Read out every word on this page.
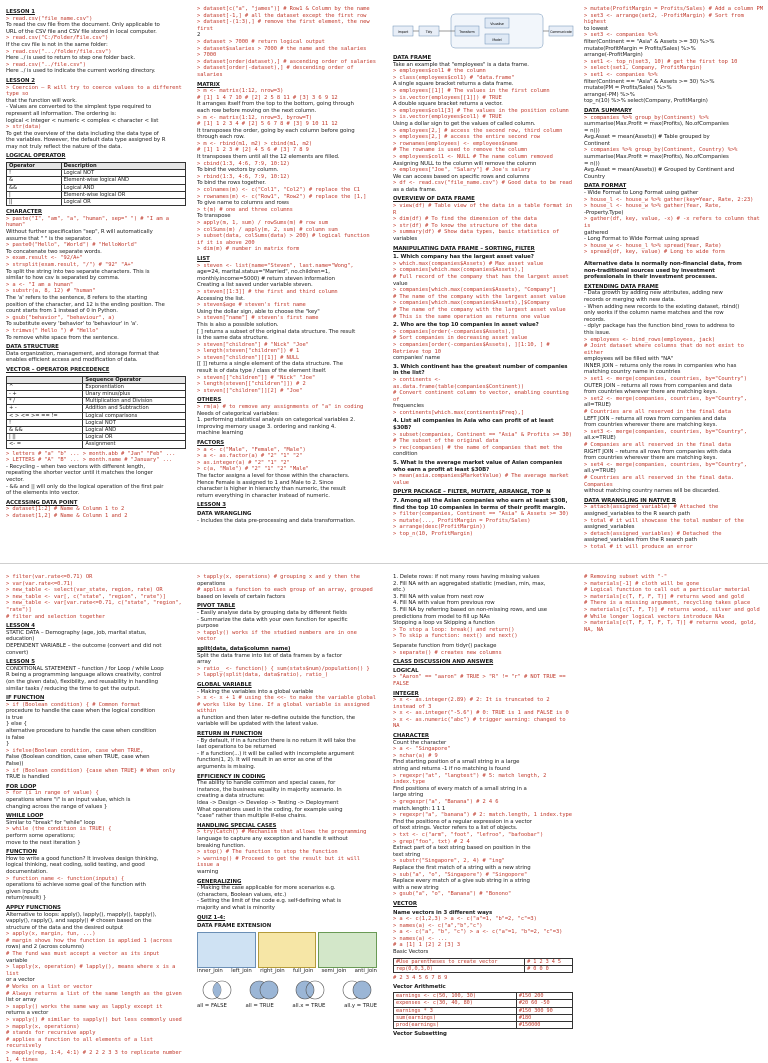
LESSON 1
> read.csv("file_name.csv")
To read the csv file from the document. Only applicable to
URL of the CSV file and CSV file stored in local computer.
> read.csv("C:/Folder/File.csv")
If the csv file is not in the same folder:
> read.csv(".../folder/file.csv")
Here ../ is used to return to step one folder back.
> read.csv("../file.csv")
Here ../ is used to indicate the current working directory.
LESSON 2
> Coercion – R will try to coerce values to a different type so
that the function will work.
- Values are converted to the simplest type required to
represent all information. The ordering is:
logical < integer < numeric < complex < character < list
> str(data)
To get the overview of the data including the data type of
the variables. However, the default data type assigned by R
may not truly reflect the nature of the data.
LOGICAL OPERATOR
Operator	Description
!	Logical NOT
&	Element-wise logical AND
&&	Logical AND
|	Element-wise logical OR
||	Logical OR
CHARACTER
> paste("I", "am", "a", "human", sep=" ") # "I am a human"
Without further specification "sep", R will automatically
assume that " " is the separator.
> paste0("Hello", "World") # "HelloWorld"
To concatenate two separate words.
> exam.result <- "92/A+"
> strsplit(exam.result, "/") # "92" "A+"
To split the string into two separate characters. This is
similar to how csv is separated by comma.
> a <- "I am a human"
> substr(a, 8, 12) # "human"
The 'a' refers to the sentence, 8 refers to the starting
position of the character, and 12 is the ending position. The
count starts from 1 instead of 0 in Python.
> gsub("behavior", "behaviour", a)
To substitute every 'behavior' to 'behaviour' in 'a'.
> trimws(" Hello ") # "Hello"
To remove white space from the sentence.
DATA STRUCTURE
Data organization, management, and storage format that
enables efficient access and modification of data.
VECTOR – OPERATOR PRECEDENCE
	Sequence Operator
^	Exponentiation
- +	Unary minus/plus
* /	Multiplication and Division
+ -	Addition and Subtraction
< > <= >= == !=	Logical comparisons
!	Logical NOT
& &&	Logical AND
| ||	Logical OR
<- =	Assignment
> letters # "a" "b" ... > month.abb # "Jan" "Feb" ...
> LETTERS # "A" "B" ... > month.name # "January" ...
- Recycling – when two vectors with different length,
repeating the shorter vector until it matches the longer
vector.
- && and || will only do the logical operation of the first pair
of the elements into vector.
ACCESSING DATA POINT
> dataset[1:2] # Name & Column 1 to 2
> dataset[1,2] # Name & Column 1 and 2
> dataset[c("a", "james")] # Row1 & Column by the name
> dataset[-1,] # all the dataset except the first row
> dataset[-(1:3),] # remove the first element, the new first
2
> dataset > 7000 # return logical output
> dataset$salaries > 7000 # the name and the salaries
> 7000
> dataset[order(dataset),] # ascending order of salaries
> dataset[order(-dataset),] # descending order of salaries
MATRIX
> m <- matrix(1:12, nrow=3)
# [1] 1 4 7 10 # [2] 2 5 8 11 # [3] 3 6 9 12
It arranges itself from the top to the bottom, going through
each row before moving on the next column.
> m <- matrix(1:12, nrow=3, byrow=T)
# [1] 1 2 3 4 # [2] 5 6 7 8 # [3] 9 10 11 12
It transposes the order, going by each column before going
through each row.
> m <- rbind(m1, m2) > cbind(m1, m2)
# [1] 1 2 3 # [2] 4 5 6 # [3] 7 8 9
It transposes them until all the 12 elements are filled.
> cbind(1:3, 4:6, 7:9, 10:12)
To bind the vectors by column.
> rbind(1:3, 4:6, 7:9, 10:12)
To bind the rows together.
> colnames(m) <- c("Col1", "Col2") # replace the C1
> rownames(m) <- c("Row1", "Row2") # replace the [1,]
To give name to columns and rows
> t(m) # one and three columns
To transpose
> apply(m, 1, sum) / rowSums(m) # row sum
> colSums(m) / apply(m, 2, sum) # column sum
> subset(data, colSums(data) > 200) # logical function if it is above 200
> dim(m) # number in matrix form
LIST
> steven <- list(name="Steven", last.name="Wong",
age=24, marital.status="Married", no.children=1,
monthly.income=5000) # return steven information
Creating a list saved under variable steven.
> steven[[1:3]] # the first and third column
Accessing the list.
> steven$age # steven's first name
Using the dollar sign, able to choose the "key"
> steven["name"] # steven's first name
This is also a possible solution.
[ ] returns a subset of the original data structure. The result
is the same data structure.
> steven["children"] # "Nick" "Joe"
> length(steven["children"]) # 1
> steven["children"][[1]] # NULL
[[ ]] returns a single element of the data structure. The
result is of data type / class of the element itself.
> steven[["children"]] # "Nick" "Joe"
> length(steven[["children"]]) # 2
> steven[["children"]][2] # "Joe"
OTHERS
> rm(a) # to remove any assignments of "a" in coding
Needs of categorical variables:
1. performing statistical analysis on categorical variables 2.
improving memory usage 3. ordering and ranking 4.
machine learning
FACTORS
> a <- c("Male", "Female", "Male")
> a <- as.factor(a) # "2" "1" "2"
> as.integer(a) # "2" "1" "2"
> c(a, "Male") # "2" "1" "2" "Male"
The factor assigns a level for those within the characters.
Hence Female is assigned to 1 and Male to 2. Since
character is higher in hierarchy than numeric, the result
return everything in character instead of numeric.
LESSON 3
DATA WRANGLING
- Includes the data pre-processing and data transformation.
Import	Tidy	Transform
Visualise
Model
Communicate
DATA FRAME
Take an example that "employees" is a data frame.
> employees$col1 # the column
> class(employees$col1) # "data.frame"
A single square bracket returns a data frame.
> employees[[1]] # The values in the first column
> is.vector(employees[[1]]) # TRUE
A double square bracket returns a vector.
> employees$col1[3] # The values in the position column
> is.vector(employees$col1) # TRUE
Using a dollar sign to get the values of called column.
> employees[2,] # access the second row, third column
> employees[2,] # access the entire second row
> rownames(employees) <- employees$name
# The rowname is used to remove the column
> employees$col1 <- NULL # The name column removed
Assigning NULL to the column will remove the column
> employees["Joe", "Salary"] # Joe's salary
We can access based on specific rows and columns
> df <- read.csv("file_name.csv") # Good data to be read
as a data frame.
OVERVIEW OF DATA FRAME
> view(df) # Table view of the data in a table format in R
> dim(df) # To find the dimension of the data
> str(df) # To know the structure of the data
> summary(df) # Show data types, basic statistics of
variables
MANIPULATING DATA FRAME – SORTING, FILTER
1. Which company has the largest asset value?
> which.max(companies$Assets) # Max asset value
> companies[which.max(companies$Assets),]
# Full record of the company that has the largest asset
value
> companies[which.max(companies$Assets), "Company"]
# The name of the company with the largest asset value
> companies[which.max(companies$Assets),]$Company
# The name of the company with the largest asset value
# This is the same operation as returns one value
2. Who are the top 10 companies in asset value?
> companies[order(-companies$Assets),]
# Sort companies in decreasing asset value
> companies[order(-companies$Assets), ][1:10, ] # Retrieve top 10
companies' name
3. Which continent has the greatest number of companies in the list?
> continents <- as.data.frame(table(companies$Continent))
# Convert continent column to vector, enabling counting of
frequencies
> continents[which.max(continents$Freq),]
4. List all companies in Asia who can profit of at least $30B?
> subset(companies, Continent == "Asia" & Profits >= 30)
# The subset of the original data
> rec(companies) # the name of companies that met the
condition
5. What is the average market value of Asian companies who earn a profit at least $30B?
> mean(asia.companies$MarketValue) # The average market value
DPLYR PACKAGE – FILTER, MUTATE, ARRANGE, TOP_N
7. Among all the Asian companies who earn at least $30B, find the top 10 companies in terms of their profit margin.
> filter(companies, Continent == "Asia" & Assets >= 30)
> mutate(..., ProfitMargin = Profits/Sales)
> arrange(desc(ProfitMargin))
> top_n(10, ProfitMargin)
> mutate(ProfitMargin = Profits/Sales) # Add a column PM
> set3 <- arrange(set2, -ProfitMargin) # Sort from highest
to lowest
> set3 <- companies %>%
filter(Continent == "Asia" & Assets >= 30) %>%
mutate(ProfitMargin = Profits/Sales) %>%
arrange(-ProfitMargin)
> set1 <- top_n(set3, 10) # get the first top 10
> select(set1, Company, ProfitMargin)
> set1 <- companies %>%
filter(Continent == "Asia" & Assets >= 30) %>%
mutate(PM = Profits/Sales) %>%
arrange(-PM) %>%
top_n(10) %>% select(Company, ProfitMargin)
DATA SUMMARY
> companies %>% group_by(Continent) %>%
summarise(Max.Profit = max(Profits), No.ofCompanies
= n())
Avg.Asset = mean(Assets)) # Table grouped by
Continent
> companies %>% group_by(Continent, Country) %>%
summarise(Max.Profit = max(Profits), No.ofCompanies
= n())
Avg.Asset = mean(Assets)) # Grouped by Continent and
Country
DATA FORMAT
- Wide Format to Long Format using gather
> house_l <- house_w %>% gather(key=Year, Rate, 2:23)
> house_l <- house_w %>% gather(Year, Rate,
-Property.Type)
> gather(df, key, value, -x) # -x refers to column that is
gathered
- Long Format to Wide Format using spread
> house_w <- house_l %>% spread(Year, Rate)
> spread(df, key, value) # Long to wide form
Alternative data is normally non-financial data, from
non-traditional sources used by investment
professionals in their investment processes.
EXTENDING DATA FRAME
- Data growth by adding new attributes, adding new
records or merging with new data.
- When adding new records to the existing dataset, rbind()
only works if the column name matches and the row
records.
- dplyr package has the function bind_rows to address to
this issue.
> employees <- bind_rows(employees, jack)
# Joint dataset where columns that do not exist to either
employees will be filled with "NA"
INNER JOIN – returns only the rows in companies who has
matching country name in countries
> set1 <- merge(companies, countries, by="Country")
OUTER JOIN – returns all rows from companies and data
from countries wherever there are matching keys.
> set2 <- merge(companies, countries, by="Country",
all=TRUE)
# Countries are all reserved in the final data
LEFT JOIN – returns all rows from companies and data
from countries wherever there are matching keys.
> set3 <- merge(companies, countries, by="Country",
all.x=TRUE)
# Companies are all reserved in the final data
RIGHT JOIN – returns all rows from companies with data
from countries wherever there are matching keys.
> set4 <- merge(companies, countries, by="Country",
all.y=TRUE)
# Countries are all reserved in the final data. Companies
without matching country names will be discarded.
DATA WRANGLING IN NATIVE R
> attach(assigned_variable) # Attached the
assigned_variables to the R search path
> total # it will showcase the total number of the
assigned_variables
> detach(assigned_variables) # Detached the
assigned_variables from the R search path
> total # it will produce an error
> filter(var.rate<=0.71) OR
> var(var.rate<=0.71)
> new_table <- select(var_state, region, rate) OR
> new_table <- var[, c("state", "region", "rate")]
> new_table <- var[var.rate<=0.71, c("state", "region", "rate")]
# filter and selection together
LESSON 4
STATIC DATA – Demography (age, job, marital status,
education)
DEPENDENT VARIABLE – the outcome (convert and did not
convert)
LESSON 5
CONDITIONAL STATEMENT – function / for Loop / while Loop
R being a programming language allows creativity, control
(on the given data), flexibility, and reusability in handling
similar tasks / reducing the time to get the output.
IF FUNCTION
> if (Boolean condition) { # Common format
procedure to handle the case when the logical condition
is true
} else {
alternative procedure to handle the case when condition
is false
}
> ifelse(Boolean condition, case when TRUE,
False (Boolean condition, case when TRUE, case when
False))
> if (Boolean condition) {case when TRUE} # When only
TRUE is handled
FOR LOOP
> for (i in range of value) {
operations where "i" is an input value, which is
changing across the range of values }
WHILE LOOP
Similar to "break" for "while" loop
> while (the condition is TRUE) {
perform some operations;
move to the next iteration }
FUNCTION
How to write a good function? It involves design thinking,
logical thinking, neat coding, solid testing, and good
documentation.
> function_name <- function(inputs) {
operations to achieve some goal of the function with
given inputs
return(result) }
APPLY FUNCTIONS
Alternative to loops: apply(), lapply(), mapply(), tapply(),
vapply(), rapply(), and sapply() # chosen based on the
structure of the data and the desired output
> apply(x, margin, fun, ...)
# margin shows how the function is applied 1 (across
rows) and 2 (across columns)
# The fund was must accept a vector as its input
variable
> lapply(x, operation) # lapply(), means where x is a list
or a vector
# Works on a list or vector
# Always returns a list of the same length as the given
list or array
> sapply() works the same way as lapply except it
returns a vector
> vapply() # similar to sapply() but less commonly used
> mapply(x, operations)
# stands for recursive apply
# applies a function to all elements of a list recursively
> mapply(rep, 1:4, 4:1) # 2 2 2 3 3 to replicate number 1, 4 times
> tapply(x, operations) # grouping x and y then the
operations
# applies a function to each group of an array, grouped
based on levels of certain factors
PIVOT TABLE
- Easily analyse data by grouping data by different fields
- Summarize the data with your own function for specific
purpose
> tapply() works if the studied numbers are in one vector
split(data, data$column_name)
Split the data frame into list of data frames by a factor
array
> ratio_ <- function() { sum(stats$num)/population() }
> lapply(split(data, data$ratio), ratio_)
GLOBAL VARIABLE
- Making the variables into a global variable
> x <- x + 1 # using the <<- to make the variable global
# works like by line. If a global variable is assigned within
a function and then later re-define outside the function, the
variable will be updated with the latest value.
RETURN IN FUNCTION
- By default, if in a function there is no return it will take the
last operations to be returned
- If a function(...) it will be called with incomplete argument
function(1, 2). It will result in an error as one of the
arguments is missing.
EFFICIENCY IN CODING
The ability to handle common and special cases, for
instance, the business equality in majority scenario. In
creating a data structure:
Idea -> Design -> Develop -> Testing -> Deployment
What operations used in the coding, for example using
"case" rather than multiple if-else chains.
HANDLING SPECIAL CASES
> try(Catch() # Mechanism that allows the programming
language to capture any exception and handle it without
breaking function.
> stop() # The function to stop the function
> warning() # Proceed to get the result but it will issue a
warning
GENERALIZING
- Making the case applicable for more scenarios e.g.
(characters, Boolean values, etc.)
- Setting the limit of the code e.g. self-defining what is
majority and what is minority
QUIZ 1-4:
DATA FRAME EXTENSION
inner_join left_join right_join full_join semi_join anti_join
all = FALSE	all = TRUE	all.x = TRUE	all.y = TRUE
1. Delete rows: if not many rows having missing values
2. Fill NA with an aggregated statistic (median, min, max,
etc.)
3. Fill NA with value from next row
4. Fill NA with value from previous row
5. Fill NA by referring based on non-missing rows, and use
predictions from model to fill up NAs
Stopping a loop vs Skipping a function
> To stop a loop: break() and return()
> To skip a function: next() and next()
Separate function from tidyr() package
> separate() # creates new columns
CLASS DISCUSSION AND ANSWER
LOGICAL
> "Aaron" == "aaron" # TRUE > "R" != "r" # NOT TRUE == FALSE
INTEGER
> x <- as.integer(2.89) # 2: It is truncated to 2 instead of 3
> x <- as.integer("-5.6") # 0: TRUE is 1 and FALSE is 0
> x <- as.numeric("abc") # trigger warning: changed to NA
CHARACTER
Count the character
> a <- "Singapore"
> nchar(a) # 9
Find starting position of a small string in a large
string and returns -1 if no matching is found
> regexpr("at", "langtest") # 5: match length, 2 index.type
Find positions of every match of a small string in a
large string
> gregexpr("a", "Banana") # 2 4 6
match.length: 1 1 1
> regexpr("a", "banana") # 2: match.length, 1 index.type
Find the positions of a regular expression in a vector
of text strings. Vector refers to a list of objects.
> txt <- c("arm", "foot", "lefroo", "bafoobar")
> grep("foo", txt) # 2 4
Extract part of a text string based on position in the
text string
> substr("Singapore", 2, 4) # "ing"
Replace the first match of a string with a new string
> sub("a", "o", "Singapore") # "Singopore"
Replace every match of a give sub string in a string
with a new string
> gsub("a", "o", "Banana") # "Bonono"
VECTOR
Name vectors in 3 different ways
> a <- c(1,2,3) > a <- c("a"=1, "b"=2, "c"=3)
> names(a) <- c("a","b","c")
> a <- c("a", "b", "c") > a <- c("a"=1, "b"=2, "c"=3)
> names(a) <- ...
# a [1] 1 [2] 2 [3] 3
Basic Vectors
#Use parentheses to create vector	# 1 2 3 4 5
rep(0,0,3,0)	# 0 0 0
# 2 3 4 5 6 7 8 9
Vector Arithmetic
earnings <- c(50, 100, 30)	#150 200
expenses <- c(30, 40, 80)	#20 60 -50
earnings * 3	#150 300 90
sum(earnings)	#180
prod(earnings)	#150000
Vector Subsetting
# Removing subset with "-"
> materials[-1] # cloth will be gone
# Logical function to call out a particular material
> materials[c(T, F, F, T)] # returns wood and gold
# There is a missing argument, recycling takes place
> materials[c(T, F, T)] # returns wood, silver and gold
# While longer logical vectors introduce NAs
> materials[c(T, F, T, F, T, T)] # returns wood, gold, NA, NA
